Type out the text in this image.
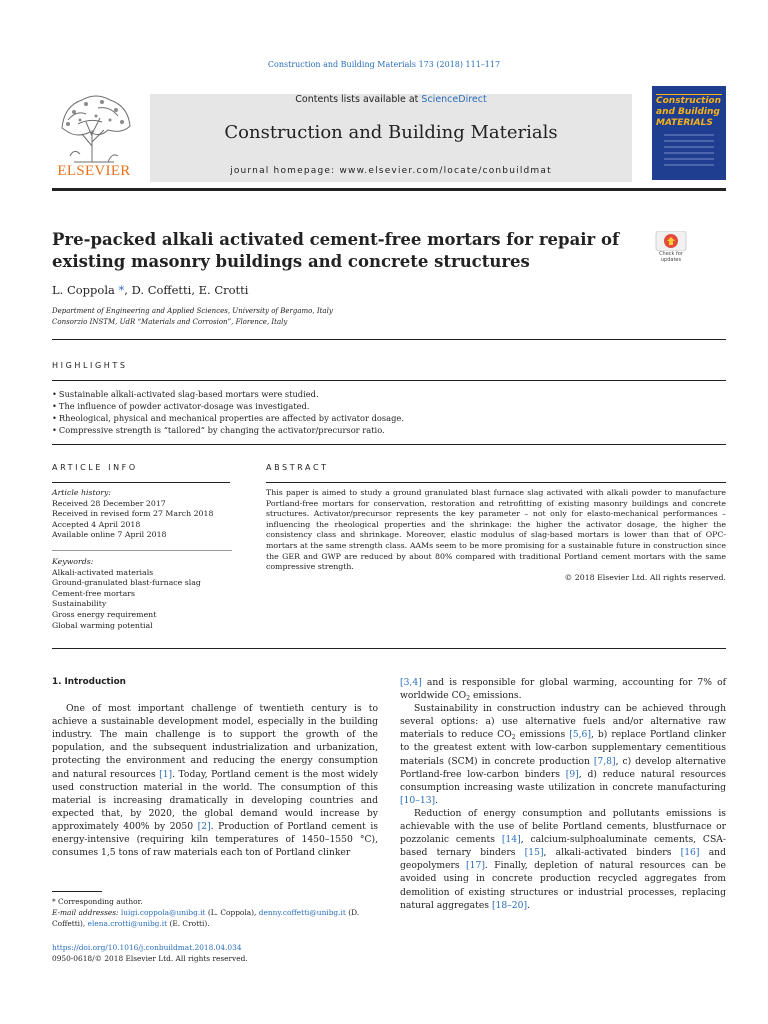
Construction and Building Materials 173 (2018) 111–117
ELSEVIER
Contents lists available at ScienceDirect
Construction and Building Materials
journal homepage: www.elsevier.com/locate/conbuildmat
Construction and Building MATERIALS
Pre-packed alkali activated cement-free mortars for repair of existing masonry buildings and concrete structures	Check for updates
L. Coppola *, D. Coffetti, E. Crotti
Department of Engineering and Applied Sciences, University of Bergamo, Italy
Consorzio INSTM, UdR “Materials and Corrosion”, Florence, Italy
HIGHLIGHTS
• Sustainable alkali-activated slag-based mortars were studied.
• The influence of powder activator-dosage was investigated.
• Rheological, physical and mechanical properties are affected by activator dosage.
• Compressive strength is “tailored” by changing the activator/precursor ratio.
ARTICLE INFO	ABSTRACT
Article history:
Received 28 December 2017
Received in revised form 27 March 2018
Accepted 4 April 2018
Available online 7 April 2018
Keywords:
Alkali-activated materials
Ground-granulated blast-furnace slag
Cement-free mortars
Sustainability
Gross energy requirement
Global warming potential
This paper is aimed to study a ground granulated blast furnace slag activated with alkali powder to manufacture Portland-free mortars for conservation, restoration and retrofitting of existing masonry buildings and concrete structures. Activator/precursor represents the key parameter – not only for elasto-mechanical performances – influencing the rheological properties and the shrinkage: the higher the activator dosage, the higher the consistency class and shrinkage. Moreover, elastic modulus of slag-based mortars is lower than that of OPC-mortars at the same strength class. AAMs seem to be more promising for a sustainable future in construction since the GER and GWP are reduced by about 80% compared with traditional Portland cement mortars with the same compressive strength.
© 2018 Elsevier Ltd. All rights reserved.
1. Introduction

One of most important challenge of twentieth century is to achieve a sustainable development model, especially in the building industry. The main challenge is to support the growth of the population, and the subsequent industrialization and urbanization, protecting the environment and reducing the energy consumption and natural resources [1]. Today, Portland cement is the most widely used construction material in the world. The consumption of this material is increasing dramatically in developing countries and expected that, by 2020, the global demand would increase by approximately 400% by 2050 [2]. Production of Portland cement is energy-intensive (requiring kiln temperatures of 1450–1550 °C), consumes 1,5 tons of raw materials each ton of Portland clinker

[3,4] and is responsible for global warming, accounting for 7% of worldwide $CO_2$ emissions.

Sustainability in construction industry can be achieved through several options: a) use alternative fuels and/or alternative raw materials to reduce $CO_2$ emissions [5,6], b) replace Portland clinker to the greatest extent with low-carbon supplementary cementitious materials (SCM) in concrete production [7,8], c) develop alternative Portland-free low-carbon binders [9], d) reduce natural resources consumption increasing waste utilization in concrete manufacturing [10–13].

Reduction of energy consumption and pollutants emissions is achievable with the use of belite Portland cements, blustfurnace or pozzolanic cements [14], calcium-sulphoaluminate cements, CSA-based ternary binders [15], alkali-activated binders [16] and geopolymers [17]. Finally, depletion of natural resources can be avoided using in concrete production recycled aggregates from demolition of existing structures or industrial processes, replacing natural aggregates [18–20].

* Corresponding author.
E-mail addresses: luigi.coppola@unibg.it (L. Coppola), denny.coffetti@unibg.it (D. Coffetti), elena.crotti@unibg.it (E. Crotti).
https://doi.org/10.1016/j.conbuildmat.2018.04.034
0950-0618/© 2018 Elsevier Ltd. All rights reserved.
